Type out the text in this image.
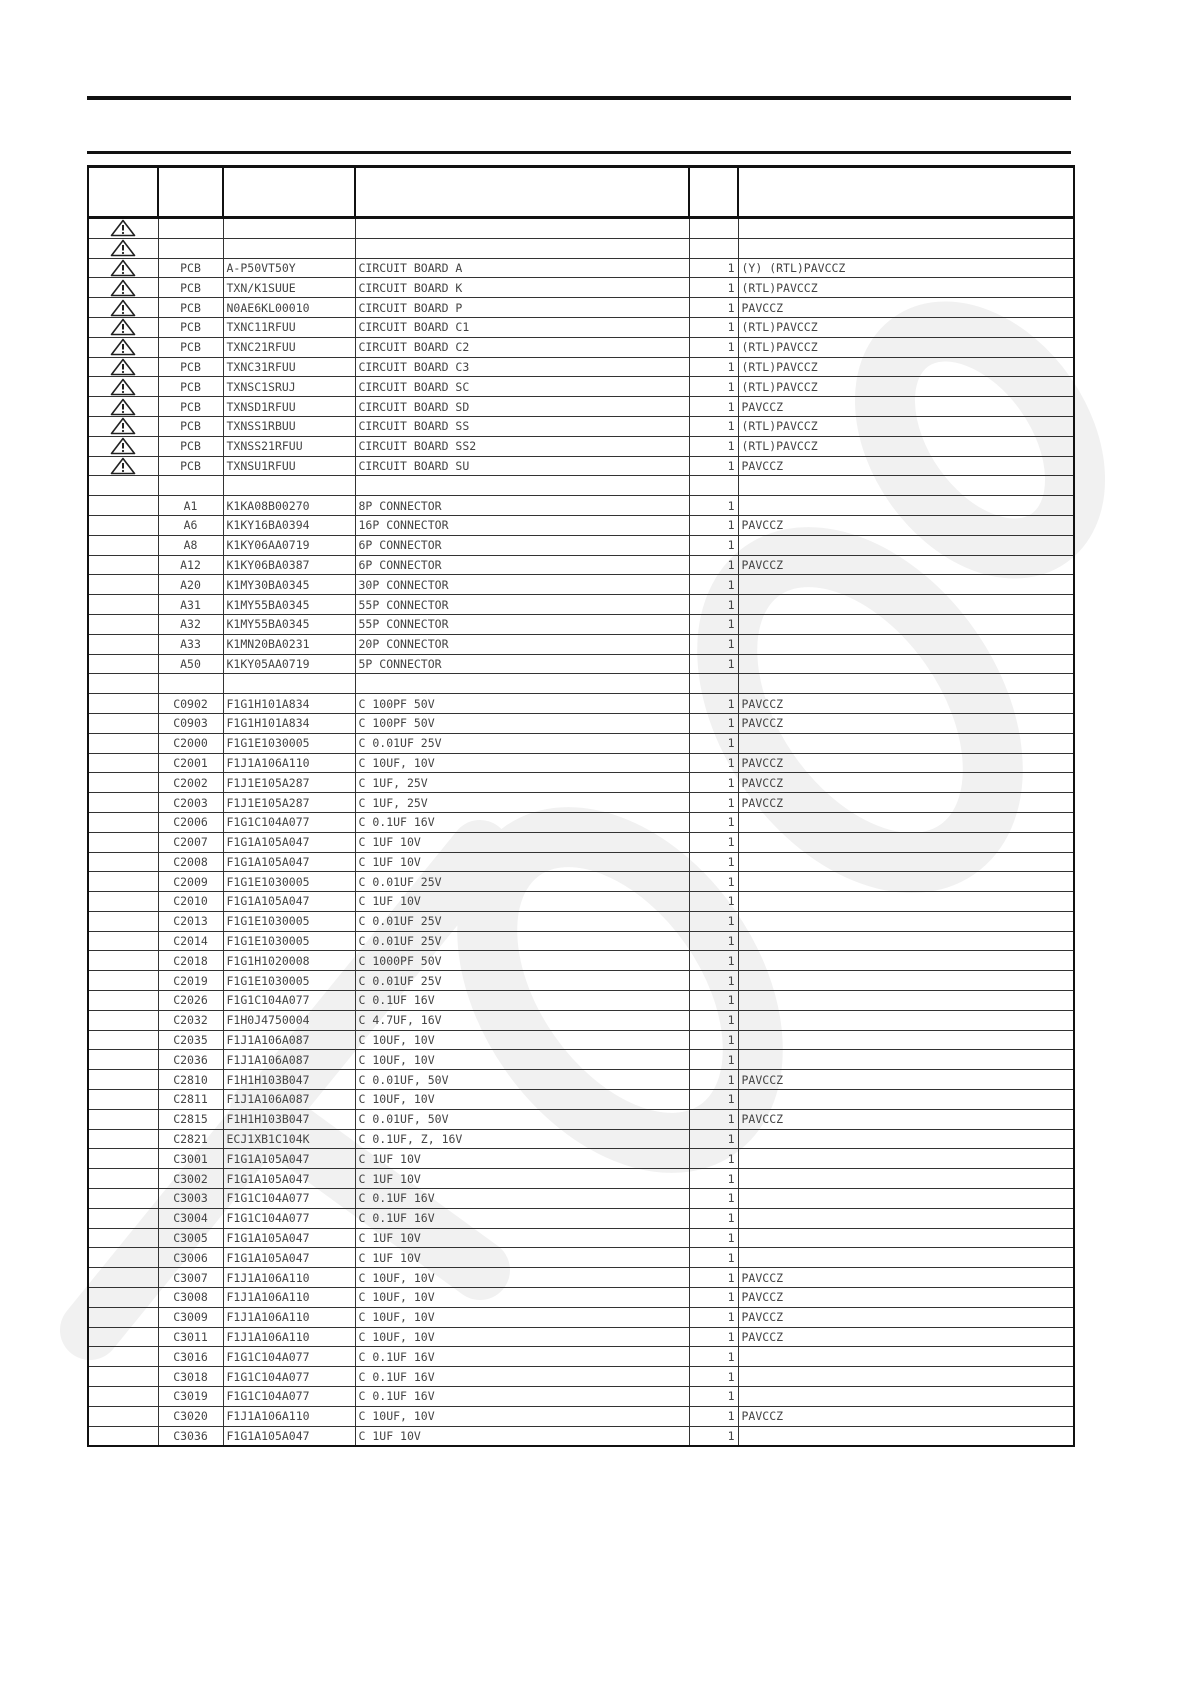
	PCB	A-P50VT50Y	CIRCUIT BOARD A	1	(Y) (RTL)PAVCCZ
	PCB	TXN/K1SUUE	CIRCUIT BOARD K	1	(RTL)PAVCCZ
	PCB	N0AE6KL00010	CIRCUIT BOARD P	1	PAVCCZ
	PCB	TXNC11RFUU	CIRCUIT BOARD C1	1	(RTL)PAVCCZ
	PCB	TXNC21RFUU	CIRCUIT BOARD C2	1	(RTL)PAVCCZ
	PCB	TXNC31RFUU	CIRCUIT BOARD C3	1	(RTL)PAVCCZ
	PCB	TXNSC1SRUJ	CIRCUIT BOARD SC	1	(RTL)PAVCCZ
	PCB	TXNSD1RFUU	CIRCUIT BOARD SD	1	PAVCCZ
	PCB	TXNSS1RBUU	CIRCUIT BOARD SS	1	(RTL)PAVCCZ
	PCB	TXNSS21RFUU	CIRCUIT BOARD SS2	1	(RTL)PAVCCZ
	PCB	TXNSU1RFUU	CIRCUIT BOARD SU	1	PAVCCZ

	A1	K1KA08B00270	8P CONNECTOR	1	
	A6	K1KY16BA0394	16P CONNECTOR	1	PAVCCZ
	A8	K1KY06AA0719	6P CONNECTOR	1	
	A12	K1KY06BA0387	6P CONNECTOR	1	PAVCCZ
	A20	K1MY30BA0345	30P CONNECTOR	1	
	A31	K1MY55BA0345	55P CONNECTOR	1	
	A32	K1MY55BA0345	55P CONNECTOR	1	
	A33	K1MN20BA0231	20P CONNECTOR	1	
	A50	K1KY05AA0719	5P CONNECTOR	1	

	C0902	F1G1H101A834	C 100PF 50V	1	PAVCCZ
	C0903	F1G1H101A834	C 100PF 50V	1	PAVCCZ
	C2000	F1G1E1030005	C 0.01UF 25V	1	
	C2001	F1J1A106A110	C 10UF, 10V	1	PAVCCZ
	C2002	F1J1E105A287	C 1UF, 25V	1	PAVCCZ
	C2003	F1J1E105A287	C 1UF, 25V	1	PAVCCZ
	C2006	F1G1C104A077	C 0.1UF 16V	1	
	C2007	F1G1A105A047	C 1UF 10V	1	
	C2008	F1G1A105A047	C 1UF 10V	1	
	C2009	F1G1E1030005	C 0.01UF 25V	1	
	C2010	F1G1A105A047	C 1UF 10V	1	
	C2013	F1G1E1030005	C 0.01UF 25V	1	
	C2014	F1G1E1030005	C 0.01UF 25V	1	
	C2018	F1G1H1020008	C 1000PF 50V	1	
	C2019	F1G1E1030005	C 0.01UF 25V	1	
	C2026	F1G1C104A077	C 0.1UF 16V	1	
	C2032	F1H0J4750004	C 4.7UF, 16V	1	
	C2035	F1J1A106A087	C 10UF, 10V	1	
	C2036	F1J1A106A087	C 10UF, 10V	1	
	C2810	F1H1H103B047	C 0.01UF, 50V	1	PAVCCZ
	C2811	F1J1A106A087	C 10UF, 10V	1	
	C2815	F1H1H103B047	C 0.01UF, 50V	1	PAVCCZ
	C2821	ECJ1XB1C104K	C 0.1UF, Z, 16V	1	
	C3001	F1G1A105A047	C 1UF 10V	1	
	C3002	F1G1A105A047	C 1UF 10V	1	
	C3003	F1G1C104A077	C 0.1UF 16V	1	
	C3004	F1G1C104A077	C 0.1UF 16V	1	
	C3005	F1G1A105A047	C 1UF 10V	1	
	C3006	F1G1A105A047	C 1UF 10V	1	
	C3007	F1J1A106A110	C 10UF, 10V	1	PAVCCZ
	C3008	F1J1A106A110	C 10UF, 10V	1	PAVCCZ
	C3009	F1J1A106A110	C 10UF, 10V	1	PAVCCZ
	C3011	F1J1A106A110	C 10UF, 10V	1	PAVCCZ
	C3016	F1G1C104A077	C 0.1UF 16V	1	
	C3018	F1G1C104A077	C 0.1UF 16V	1	
	C3019	F1G1C104A077	C 0.1UF 16V	1	
	C3020	F1J1A106A110	C 10UF, 10V	1	PAVCCZ
	C3036	F1G1A105A047	C 1UF 10V	1	
